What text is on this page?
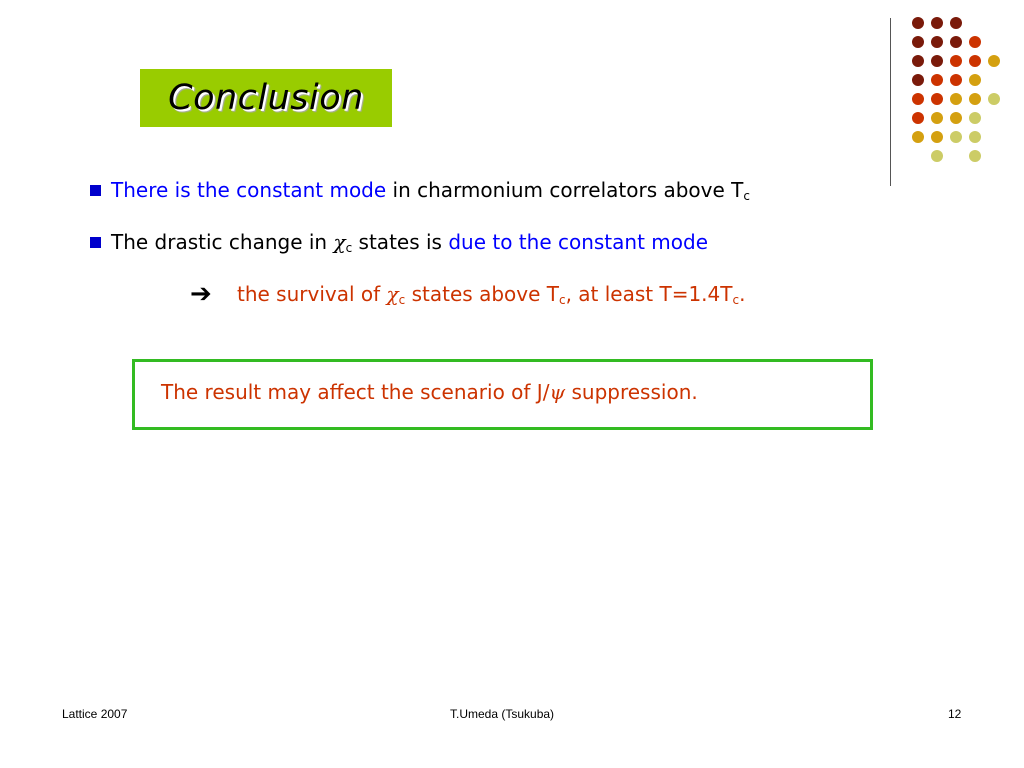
Conclusion
There is the constant mode in charmonium correlators above $T_c$
The drastic change in $\chi_c$ states is due to the constant mode
➔ the survival of $\chi_c$ states above $T_c$, at least $T=1.4T_c$.
The result may affect the scenario of J/ψ suppression.
Lattice 2007	T.Umeda (Tsukuba)	12
